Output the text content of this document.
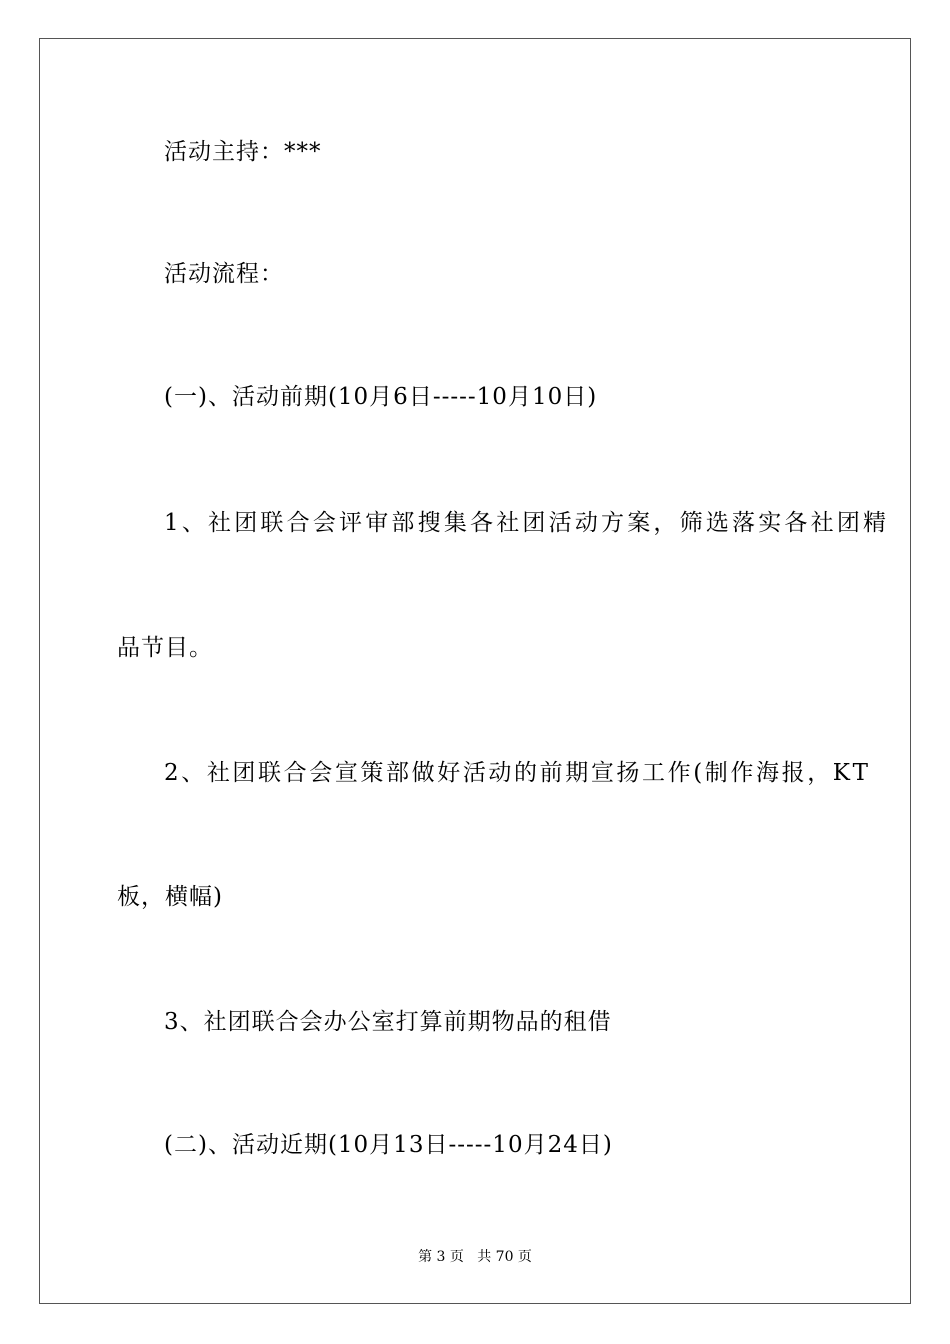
活动主持：***
活动流程：
(一)、活动前期(10月6日-----10月10日)
1、社团联合会评审部搜集各社团活动方案，筛选落实各社团精
品节目。
2、社团联合会宣策部做好活动的前期宣扬工作(制作海报，KT
板，横幅)
3、社团联合会办公室打算前期物品的租借
(二)、活动近期(10月13日-----10月24日)
第 3 页   共 70 页
